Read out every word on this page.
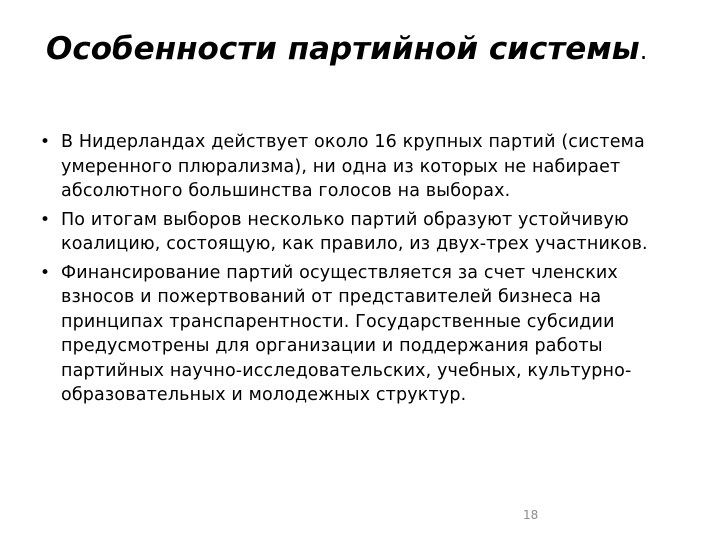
Особенности партийной системы.
• В Нидерландах действует около 16 крупных партий (система умеренного плюрализма), ни одна из которых не набирает абсолютного большинства голосов на выборах.
• По итогам выборов несколько партий образуют устойчивую коалицию, состоящую, как правило, из двух-трех участников.
• Финансирование партий осуществляется за счет членских взносов и пожертвований от представителей бизнеса на принципах транспарентности. Государственные субсидии предусмотрены для организации и поддержания работы партийных научно-исследовательских, учебных, культурно-образовательных и молодежных структур.
18
